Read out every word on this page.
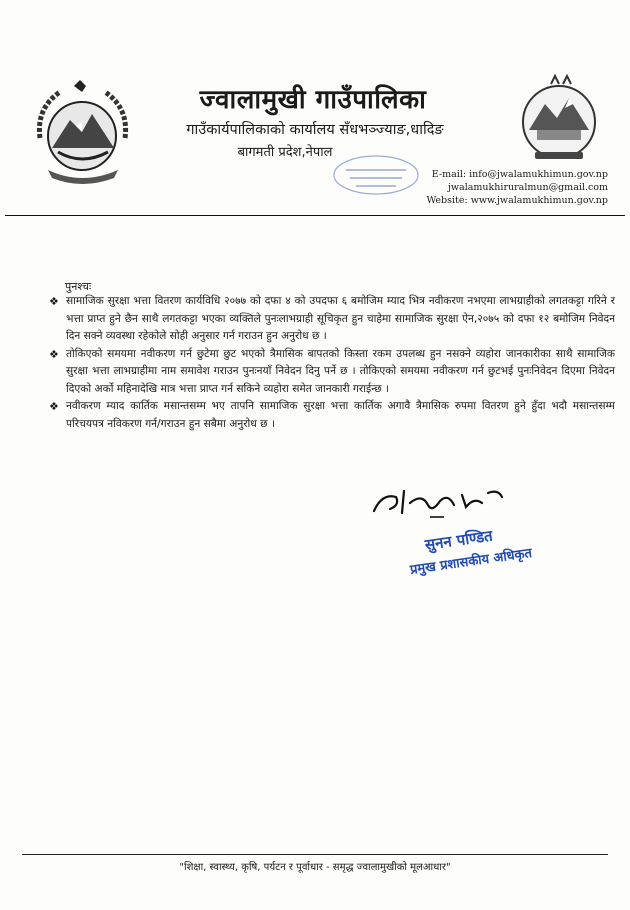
ज्वालामुखी गाउँपालिका
गाउँकार्यपालिकाको कार्यालय सँधभञ्ज्याङ,धादिङ
बागमती प्रदेश,नेपाल
E-mail: info@jwalamukhimun.gov.np
jwalamukhiruralmun@gmail.com
Website: www.jwalamukhimun.gov.np
पुनश्चः
❖ सामाजिक सुरक्षा भत्ता वितरण कार्यविधि २०७७ को दफा ४ को उपदफा ६ बमोजिम म्याद भित्र नवीकरण नभएमा लाभग्राहीको लगतकट्टा गरिने र भत्ता प्राप्त हुने छैन साथै लगतकट्टा भएका व्यक्तिले पुनःलाभग्राही सूचिकृत हुन चाहेमा सामाजिक सुरक्षा ऐन,२०७५ को दफा १२ बमोजिम निवेदन दिन सक्ने व्यवस्था रहेकोले सोही अनुसार गर्न गराउन हुन अनुरोध छ ।
❖ तोकिएको समयमा नवीकरण गर्न छुटेमा छुट भएको त्रैमासिक बापतको किस्ता रकम उपलब्ध हुन नसक्ने व्यहोरा जानकारीका साथै सामाजिक सुरक्षा भत्ता लाभग्राहीमा नाम समावेश गराउन पुनःनयाँ निवेदन दिनु पर्ने छ । तोकिएको समयमा नवीकरण गर्न छुटभई पुनःनिवेदन दिएमा निवेदन दिएको अर्को महिनादेखि मात्र भत्ता प्राप्त गर्न सकिने व्यहोरा समेत जानकारी गराईन्छ ।
❖ नवीकरण म्याद कार्तिक मसान्तसम्म भए तापनि सामाजिक सुरक्षा भत्ता कार्तिक अगावै त्रैमासिक रुपमा वितरण हुने हुँदा भदौ मसान्तसम्म परिचयपत्र नविकरण गर्न/गराउन हुन सबैमा अनुरोध छ ।
सुनन पण्डित
प्रमुख प्रशासकीय अधिकृत
"शिक्षा, स्वास्थ्य, कृषि, पर्यटन र पूर्वाधार - समृद्ध ज्वालामुखीको मूलआधार"
